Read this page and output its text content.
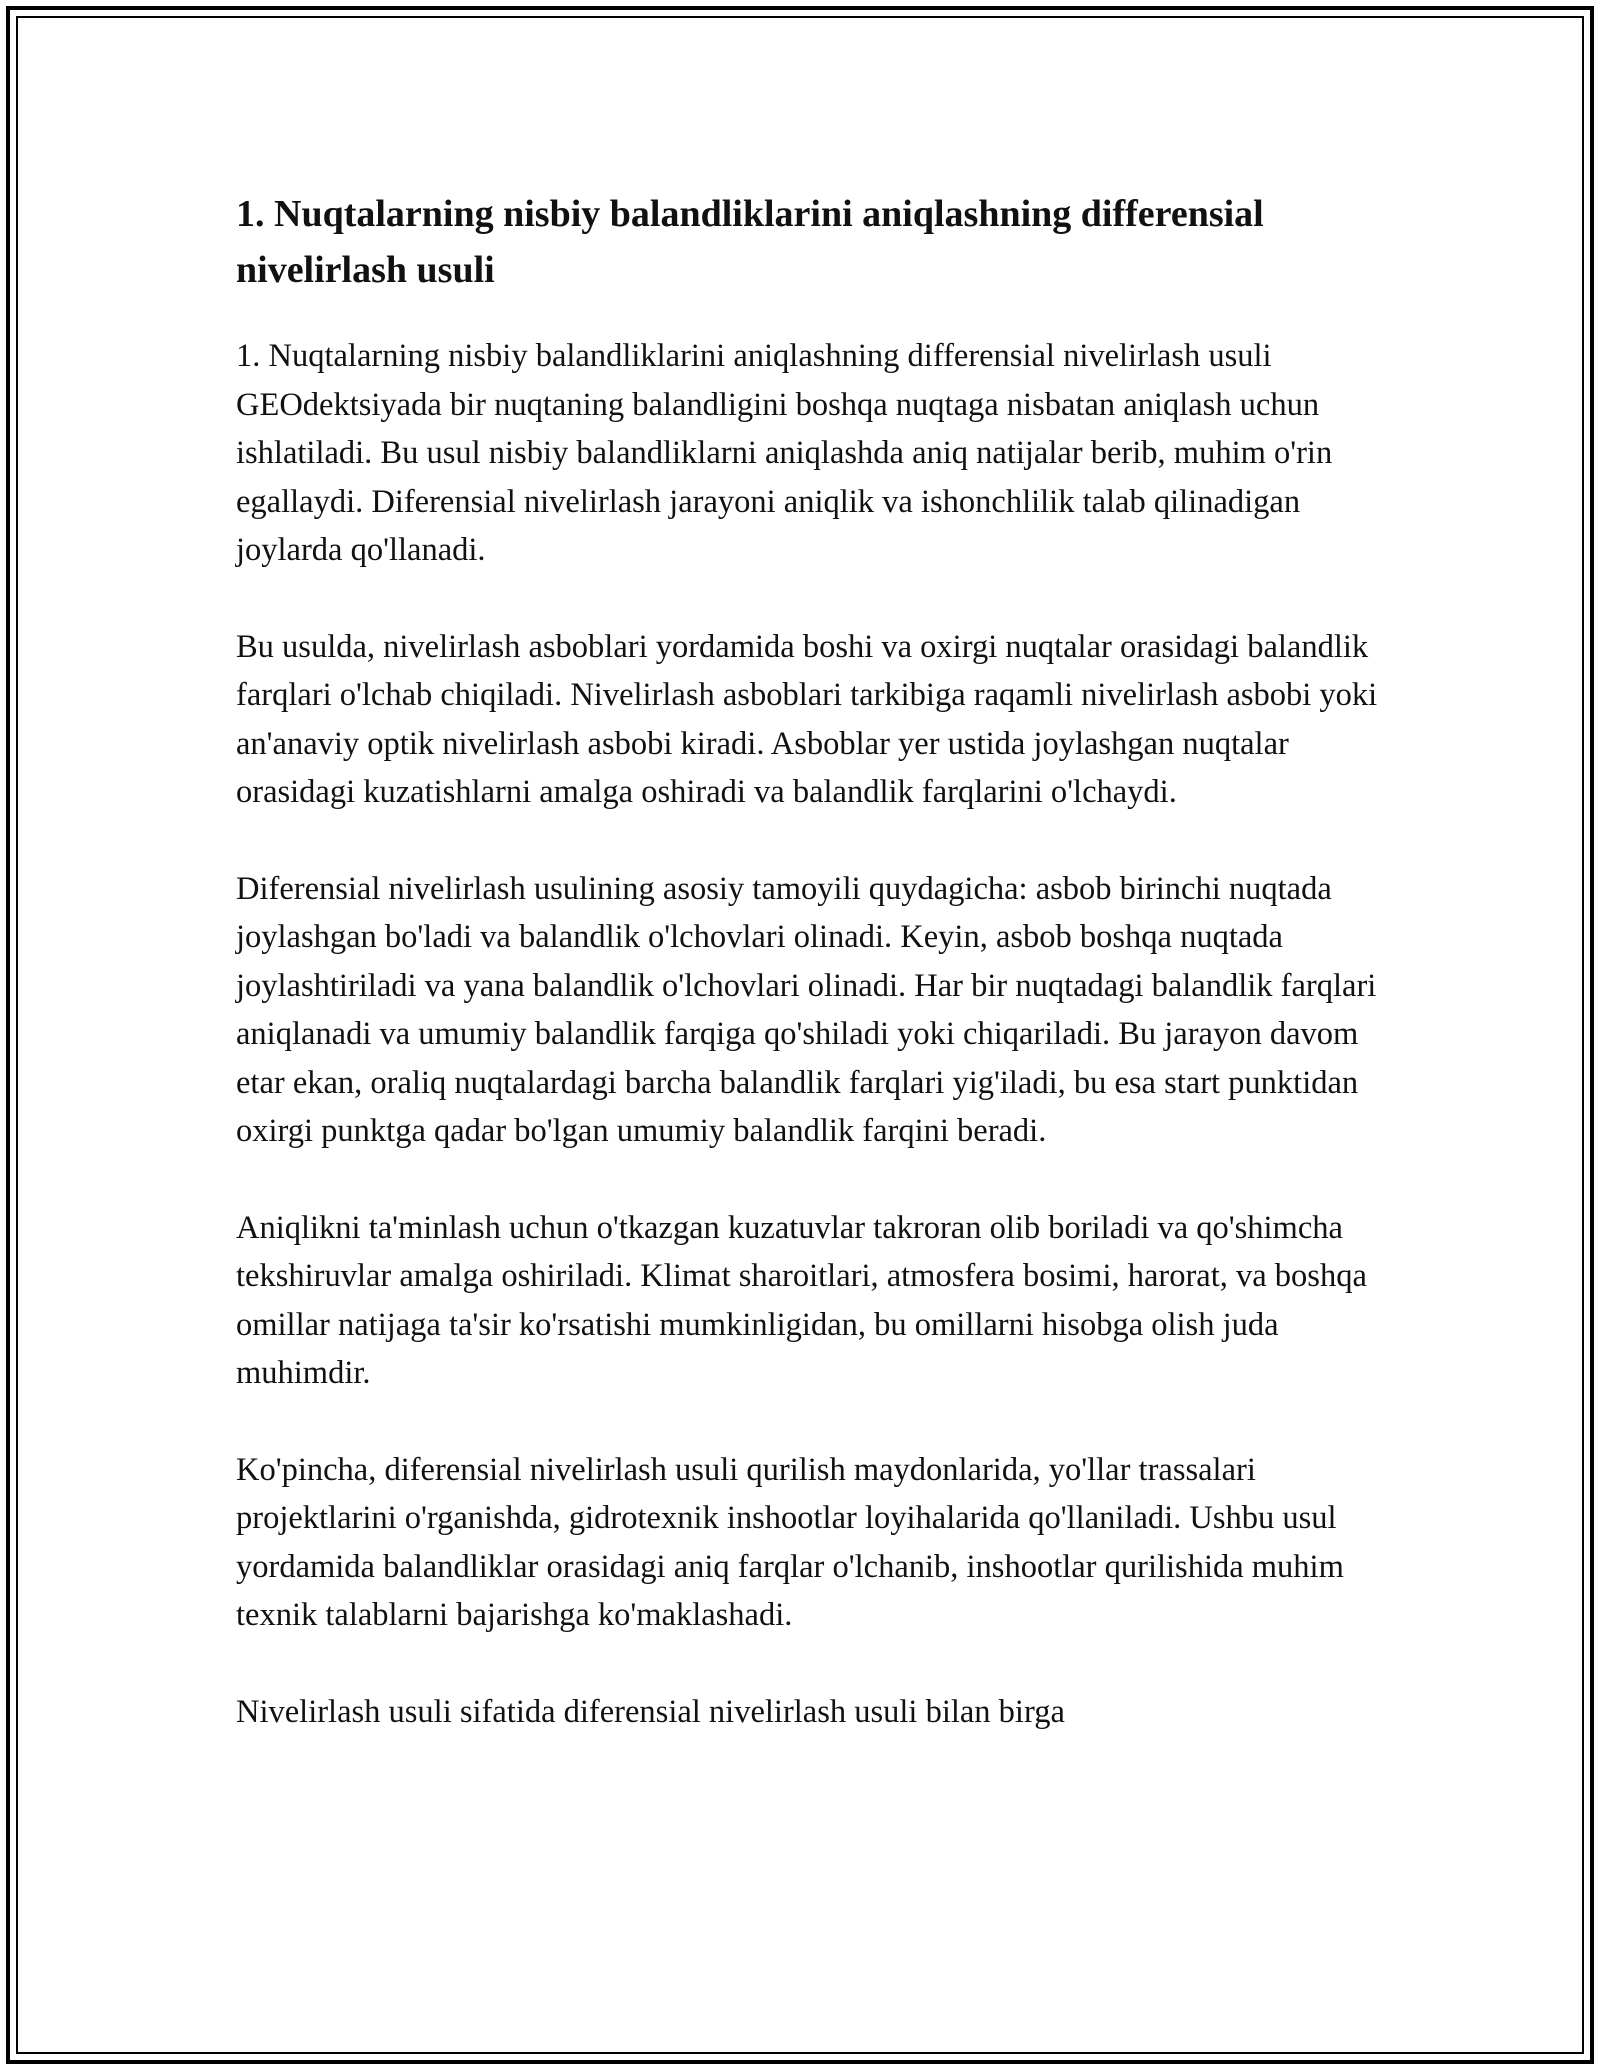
1. Nuqtalarning nisbiy balandliklarini aniqlashning differensial nivelirlash usuli

1. Nuqtalarning nisbiy balandliklarini aniqlashning differensial nivelirlash usuli GEOdektsiyada bir nuqtaning balandligini boshqa nuqtaga nisbatan aniqlash uchun ishlatiladi. Bu usul nisbiy balandliklarni aniqlashda aniq natijalar berib, muhim o'rin egallaydi. Diferensial nivelirlash jarayoni aniqlik va ishonchlilik talab qilinadigan joylarda qo'llanadi.

Bu usulda, nivelirlash asboblari yordamida boshi va oxirgi nuqtalar orasidagi balandlik farqlari o'lchab chiqiladi. Nivelirlash asboblari tarkibiga raqamli nivelirlash asbobi yoki an'anaviy optik nivelirlash asbobi kiradi. Asboblar yer ustida joylashgan nuqtalar orasidagi kuzatishlarni amalga oshiradi va balandlik farqlarini o'lchaydi.

Diferensial nivelirlash usulining asosiy tamoyili quydagicha: asbob birinchi nuqtada joylashgan bo'ladi va balandlik o'lchovlari olinadi. Keyin, asbob boshqa nuqtada joylashtiriladi va yana balandlik o'lchovlari olinadi. Har bir nuqtadagi balandlik farqlari aniqlanadi va umumiy balandlik farqiga qo'shiladi yoki chiqariladi. Bu jarayon davom etar ekan, oraliq nuqtalardagi barcha balandlik farqlari yig'iladi, bu esa start punktidan oxirgi punktga qadar bo'lgan umumiy balandlik farqini beradi.

Aniqlikni ta'minlash uchun o'tkazgan kuzatuvlar takroran olib boriladi va qo'shimcha tekshiruvlar amalga oshiriladi. Klimat sharoitlari, atmosfera bosimi, harorat, va boshqa omillar natijaga ta'sir ko'rsatishi mumkinligidan, bu omillarni hisobga olish juda muhimdir.

Ko'pincha, diferensial nivelirlash usuli qurilish maydonlarida, yo'llar trassalari projektlarini o'rganishda, gidrotexnik inshootlar loyihalarida qo'llaniladi. Ushbu usul yordamida balandliklar orasidagi aniq farqlar o'lchanib, inshootlar qurilishida muhim texnik talablarni bajarishga ko'maklashadi.

Nivelirlash usuli sifatida diferensial nivelirlash usuli bilan birga
